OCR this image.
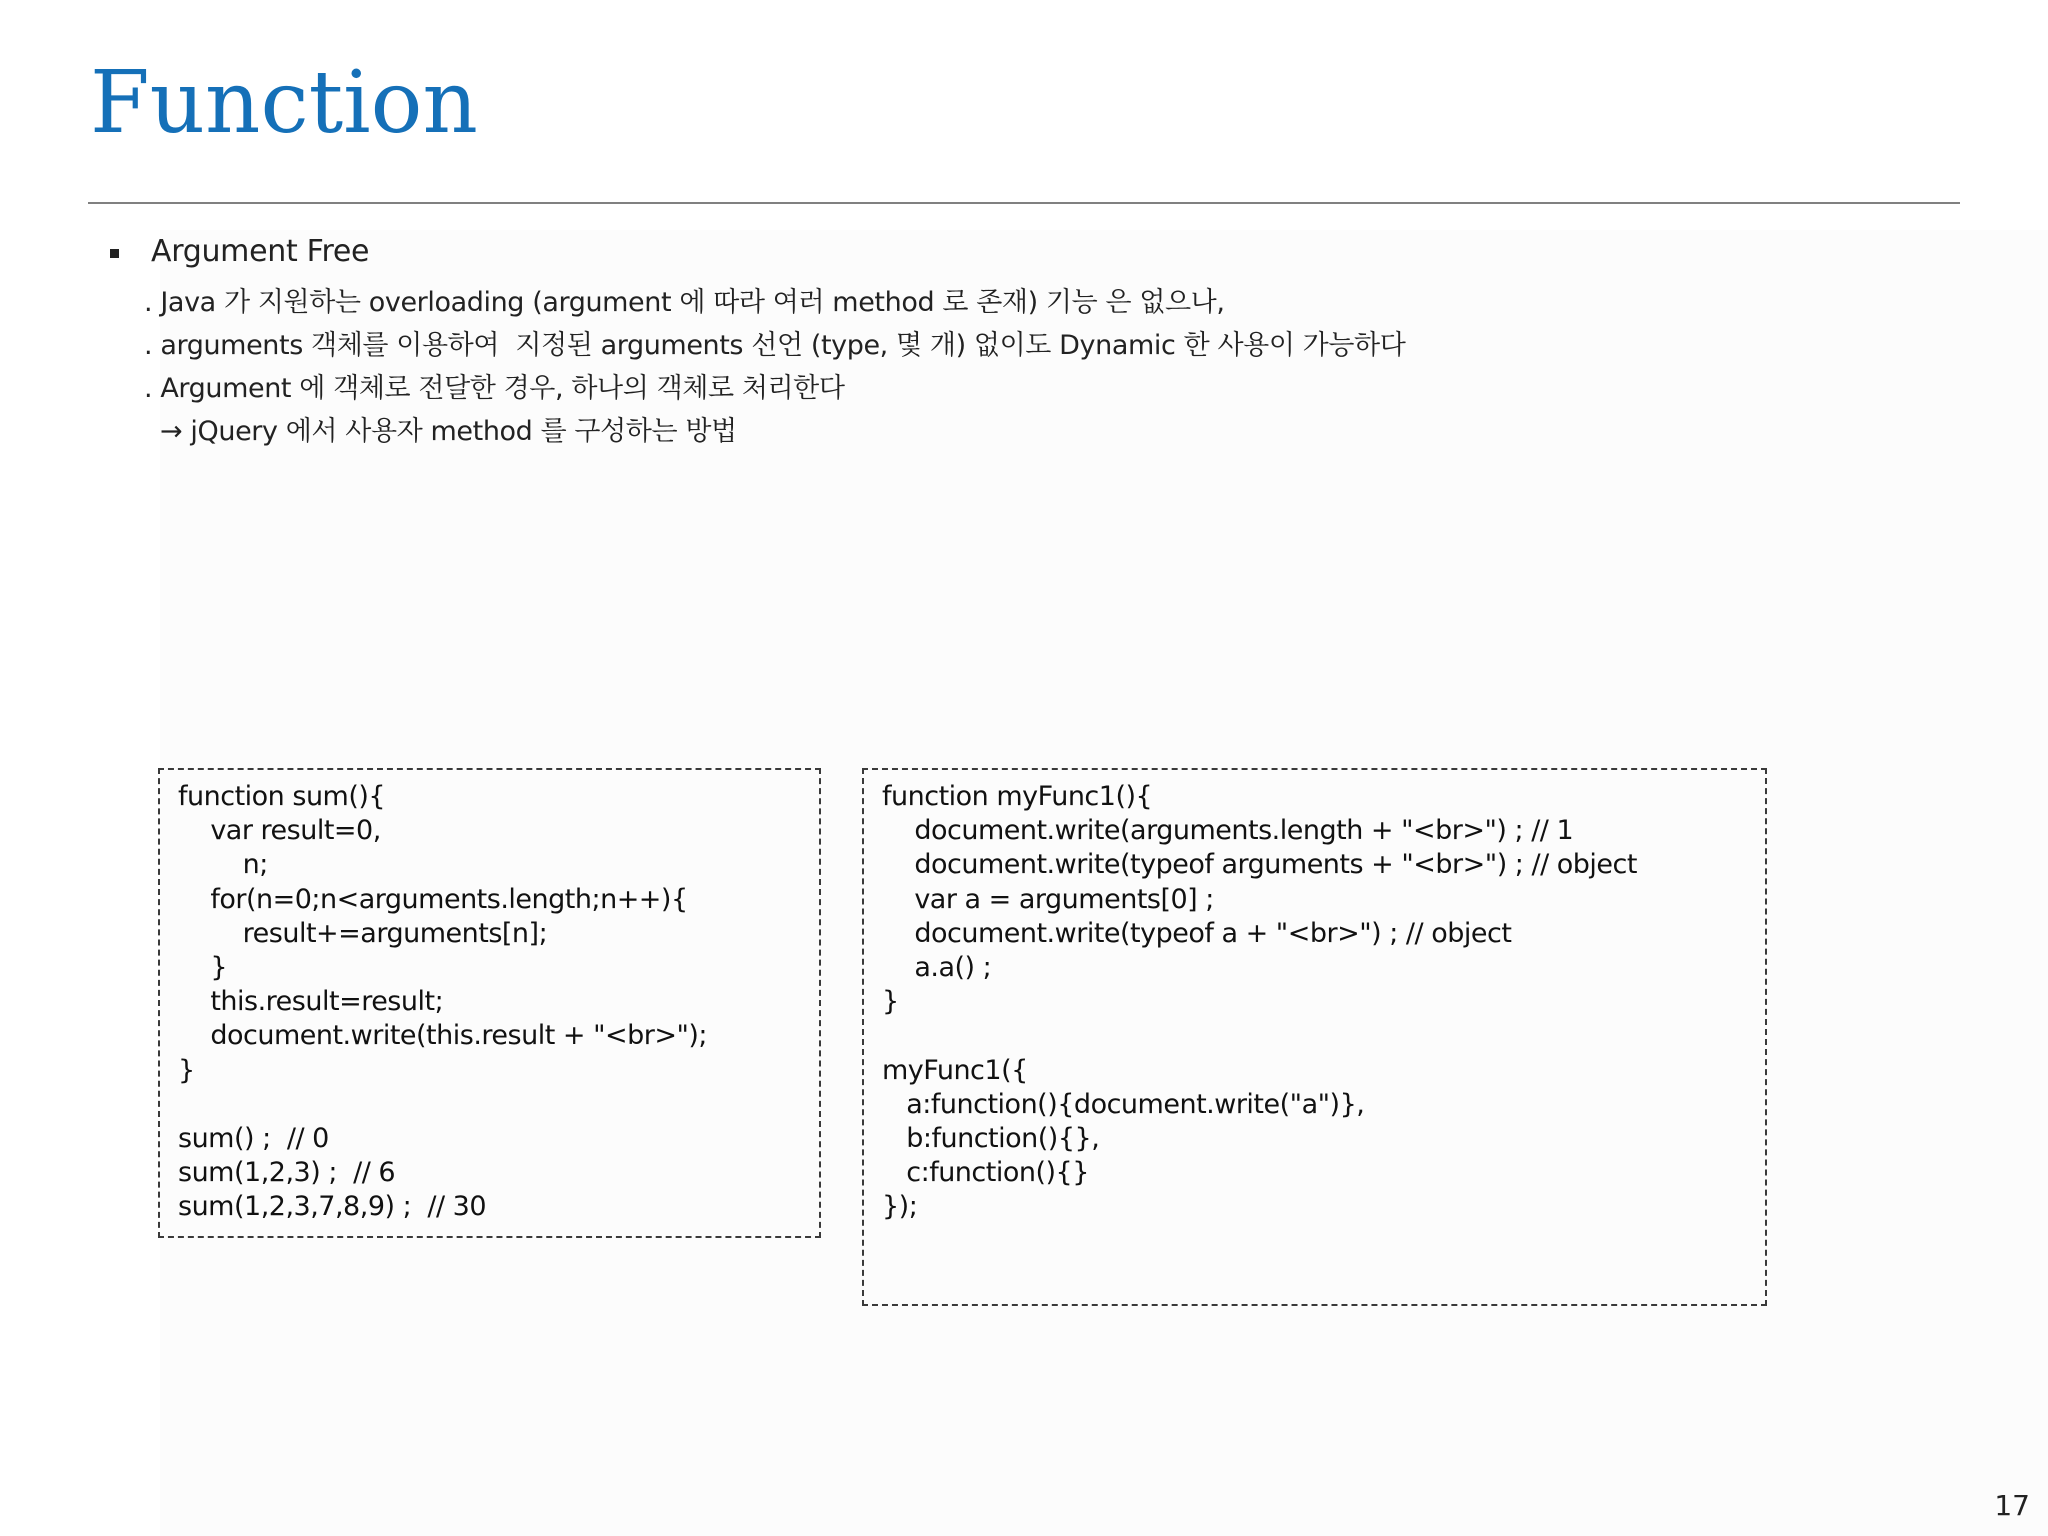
Function
Argument Free
. Java 가 지원하는 overloading (argument 에 따라 여러 method 로 존재) 기능 은 없으나,
. arguments 객체를 이용하여  지정된 arguments 선언 (type, 몇 개) 없이도 Dynamic 한 사용이 가능하다
. Argument 에 객체로 전달한 경우, 하나의 객체로 처리한다
→ jQuery 에서 사용자 method 를 구성하는 방법
function sum(){
var result=0,
n;
for(n=0;n<arguments.length;n++){
result+=arguments[n];
}
this.result=result;
document.write(this.result + "<br>");
}

sum() ;  // 0
sum(1,2,3) ;  // 6
sum(1,2,3,7,8,9) ;  // 30
function myFunc1(){
document.write(arguments.length + "<br>") ; // 1
document.write(typeof arguments + "<br>") ; // object
var a = arguments[0] ;
document.write(typeof a + "<br>") ; // object
a.a() ;
}

myFunc1({
a:function(){document.write("a")},
b:function(){},
c:function(){}
});
17
